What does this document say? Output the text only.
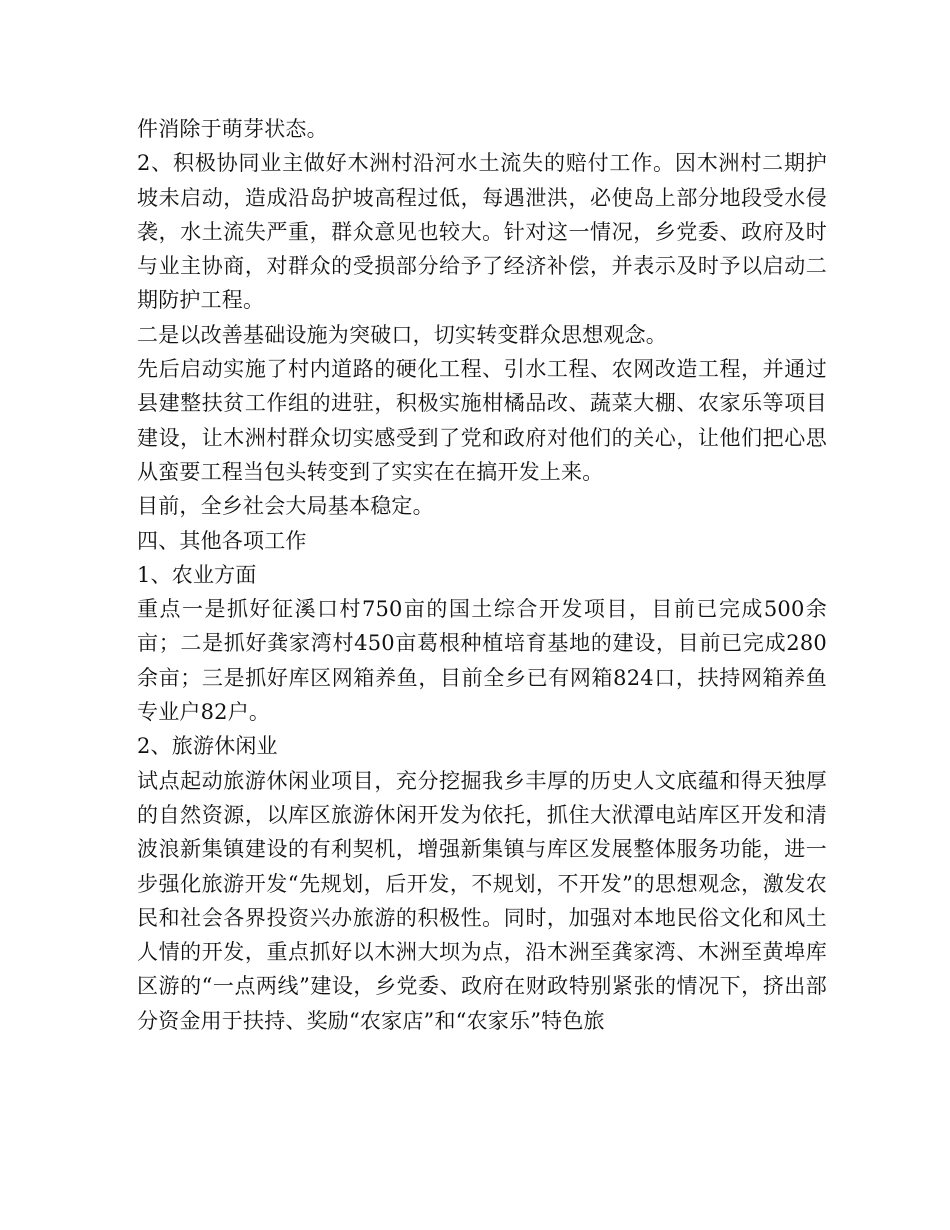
件消除于萌芽状态。

2、积极协同业主做好木洲村沿河水土流失的赔付工作。因木洲村二期护坡未启动，造成沿岛护坡高程过低，每遇泄洪，必使岛上部分地段受水侵袭，水土流失严重，群众意见也较大。针对这一情况，乡党委、政府及时与业主协商，对群众的受损部分给予了经济补偿，并表示及时予以启动二期防护工程。

二是以改善基础设施为突破口，切实转变群众思想观念。

先后启动实施了村内道路的硬化工程、引水工程、农网改造工程，并通过县建整扶贫工作组的进驻，积极实施柑橘品改、蔬菜大棚、农家乐等项目建设，让木洲村群众切实感受到了党和政府对他们的关心，让他们把心思从蛮要工程当包头转变到了实实在在搞开发上来。

目前，全乡社会大局基本稳定。

四、其他各项工作

1、农业方面

重点一是抓好征溪口村750亩的国土综合开发项目，目前已完成500余亩；二是抓好龚家湾村450亩葛根种植培育基地的建设，目前已完成280余亩；三是抓好库区网箱养鱼，目前全乡已有网箱824口，扶持网箱养鱼专业户82户。

2、旅游休闲业

试点起动旅游休闲业项目，充分挖掘我乡丰厚的历史人文底蕴和得天独厚的自然资源，以库区旅游休闲开发为依托，抓住大洑潭电站库区开发和清波浪新集镇建设的有利契机，增强新集镇与库区发展整体服务功能，进一步强化旅游开发“先规划，后开发，不规划，不开发”的思想观念，激发农民和社会各界投资兴办旅游的积极性。同时，加强对本地民俗文化和风土人情的开发，重点抓好以木洲大坝为点，沿木洲至龚家湾、木洲至黄埠库区游的“一点两线”建设，乡党委、政府在财政特别紧张的情况下，挤出部分资金用于扶持、奖励“农家店”和“农家乐”特色旅
